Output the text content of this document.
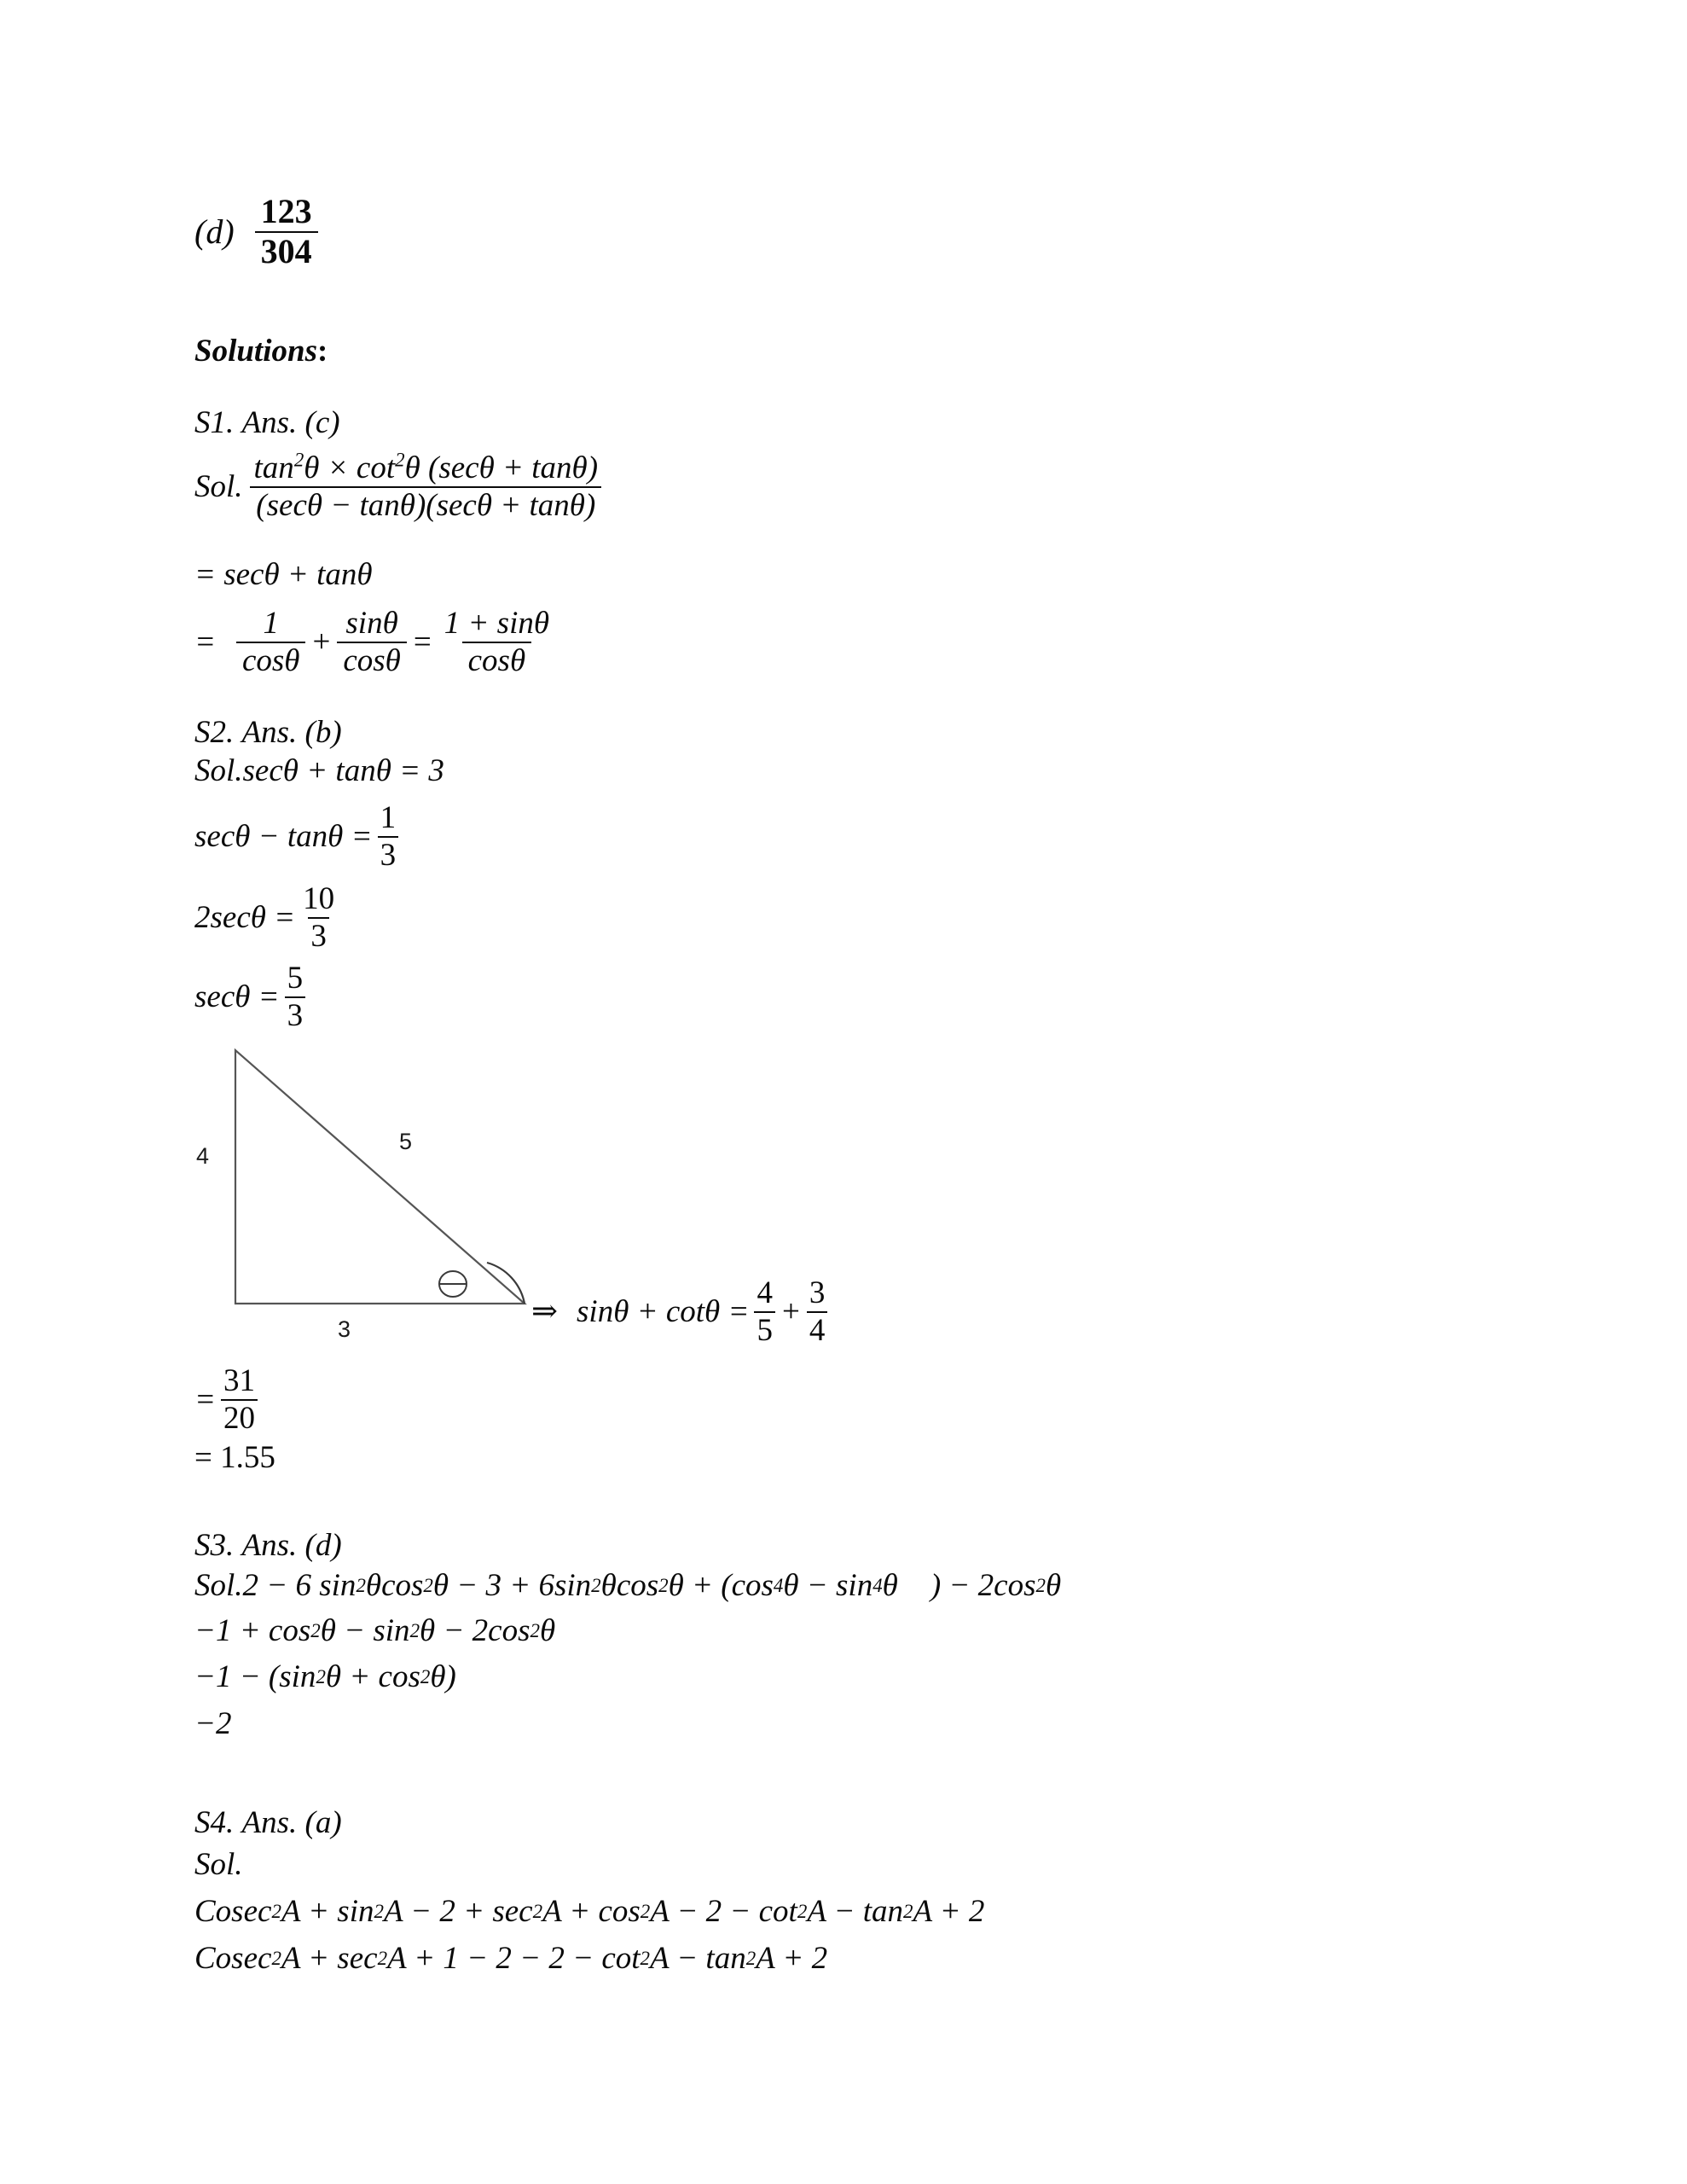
$(d) \frac{123}{304}$
Solutions :
S1.
Ans.
(c)
Sol. $\frac{\tan^2\theta \times \cot^2\theta (\sec\theta + \tan\theta)}{(\sec\theta - \tan\theta)(\sec\theta + \tan\theta)}$
= secθ + tanθ
= $\frac{1}{\cos\theta} + \frac{\sin\theta}{\cos\theta} = \frac{1 + \sin\theta}{\cos\theta}$
S2.
Ans.
(b)
Sol. secθ + tanθ = 3
$\sec\theta - \tan\theta = \frac{1}{3}$
$2\sec\theta = \frac{10}{3}$
$\sec\theta = \frac{5}{3}$
4
5
3	⇒ $\sin\theta + \cot\theta = \frac{4}{5} + \frac{3}{4}$
= $\frac{31}{20}$
= 1.55
S3.
Ans.
(d)
Sol. 2 − 6 sin 2 θcos 2 θ − 3 + 6sin 2 θcos 2 θ + (cos 4 θ − sin 4 θ ) − 2cos 2 θ
−1 + cos 2 θ − sin 2 θ − 2cos 2 θ
−1 − (sin 2 θ + cos 2 θ)
−2
S4.
Ans.
(a)
Sol.
Cosec 2 A + sin 2 A − 2 + sec 2 A + cos 2 A − 2 − cot 2 A − tan 2 A + 2
Cosec 2 A + sec 2 A + 1 − 2 − 2 − cot 2 A − tan 2 A + 2
